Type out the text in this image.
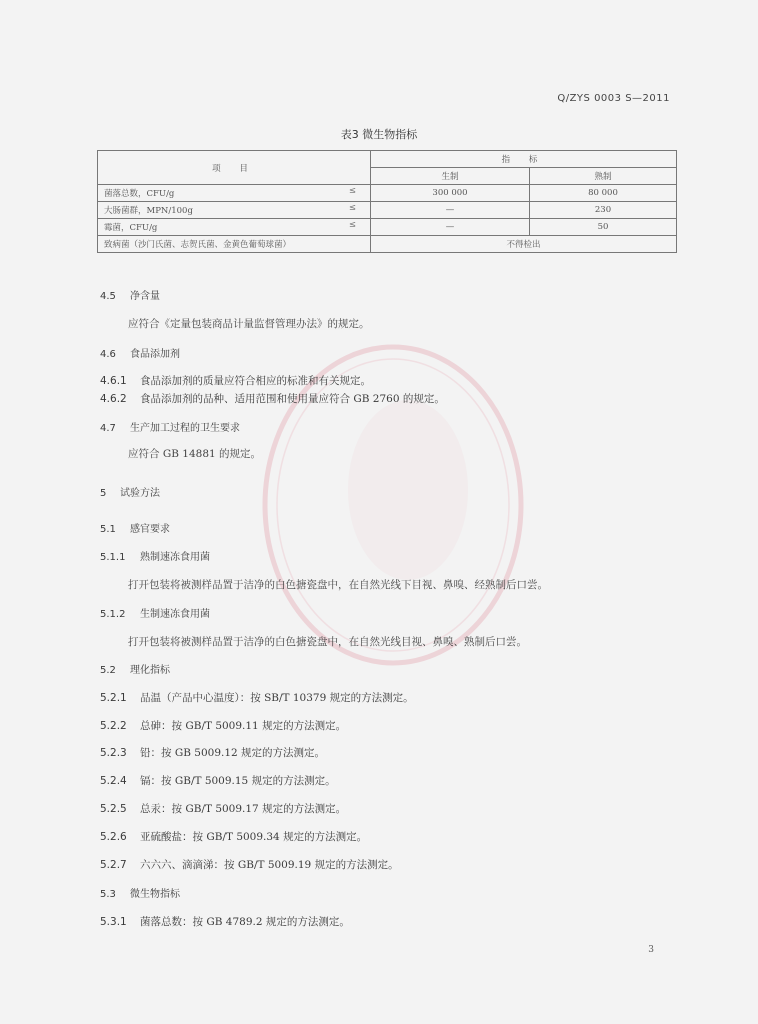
Q/ZYS 0003 S—2011
表3 微生物指标
项 目	指 标	
	生制	熟制
菌落总数，CFU/g ≤	300 000	80 000
大肠菌群，MPN/100g ≤	—	230
霉菌，CFU/g ≤	—	50
致病菌（沙门氏菌、志贺氏菌、金黄色葡萄球菌）	不得检出	
4.5 净含量
应符合《定量包装商品计量监督管理办法》的规定。
4.6 食品添加剂
4.6.1 食品添加剂的质量应符合相应的标准和有关规定。
4.6.2 食品添加剂的品种、适用范围和使用量应符合 GB 2760 的规定。
4.7 生产加工过程的卫生要求
应符合 GB 14881 的规定。
5 试验方法
5.1 感官要求
5.1.1 熟制速冻食用菌
打开包装将被测样品置于洁净的白色搪瓷盘中，在自然光线下目视、鼻嗅、经熟制后口尝。
5.1.2 生制速冻食用菌
打开包装将被测样品置于洁净的白色搪瓷盘中，在自然光线目视、鼻嗅、熟制后口尝。
5.2 理化指标
5.2.1 品温（产品中心温度）：按 SB/T 10379 规定的方法测定。
5.2.2 总砷：按 GB/T 5009.11 规定的方法测定。
5.2.3 铅：按 GB 5009.12 规定的方法测定。
5.2.4 镉：按 GB/T 5009.15 规定的方法测定。
5.2.5 总汞：按 GB/T 5009.17 规定的方法测定。
5.2.6 亚硫酸盐：按 GB/T 5009.34 规定的方法测定。
5.2.7 六六六、滴滴涕：按 GB/T 5009.19 规定的方法测定。
5.3 微生物指标
5.3.1 菌落总数：按 GB 4789.2 规定的方法测定。
3
